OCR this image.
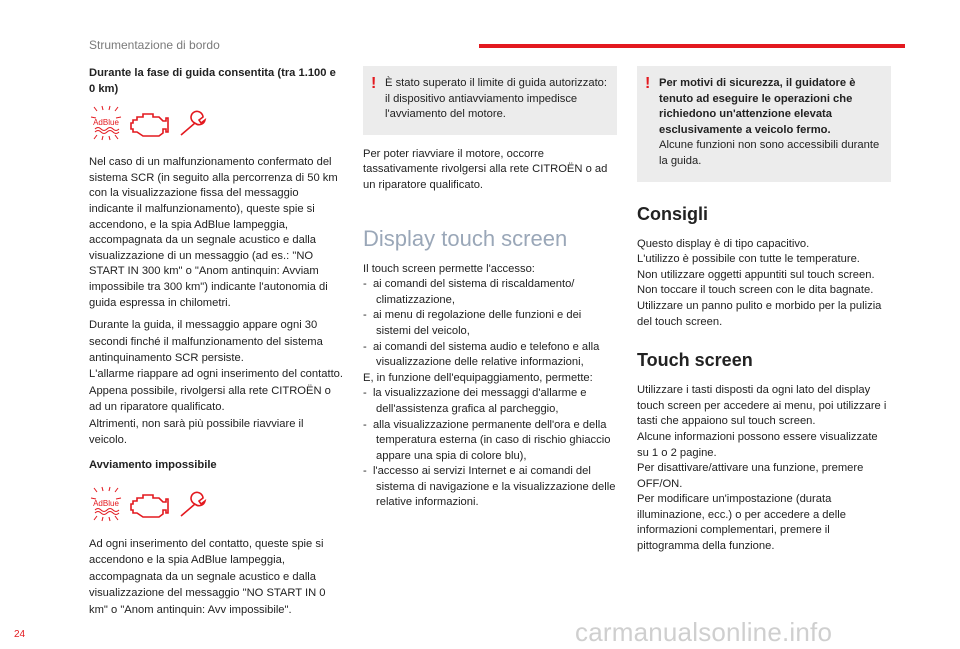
Strumentazione di bordo

Durante la fase di guida consentita (tra 1.100 e 0 km)

AdBlue

Nel caso di un malfunzionamento confermato del sistema SCR (in seguito alla percorrenza di 50 km con la visualizzazione fissa del messaggio indicante il malfunzionamento), queste spie si accendono, e la spia AdBlue lampeggia, accompagnata da un segnale acustico e dalla visualizzazione di un messaggio (ad es.: "NO START IN 300 km" o "Anom antinquin: Avviam impossibile tra 300 km") indicante l'autonomia di guida espressa in chilometri.

Durante la guida, il messaggio appare ogni 30 secondi finché il malfunzionamento del sistema antinquinamento SCR persiste.

L'allarme riappare ad ogni inserimento del contatto.

Appena possibile, rivolgersi alla rete CITROËN o ad un riparatore qualificato.

Altrimenti, non sarà più possibile riavviare il veicolo.

Avviamento impossibile

AdBlue

Ad ogni inserimento del contatto, queste spie si accendono e la spia AdBlue lampeggia, accompagnata da un segnale acustico e dalla visualizzazione del messaggio "NO START IN 0 km" o "Anom antinquin: Avv impossibile".

! È stato superato il limite di guida autorizzato: il dispositivo antiavviamento impedisce l'avviamento del motore.

Per poter riavviare il motore, occorre tassativamente rivolgersi alla rete CITROËN o ad un riparatore qualificato.

Display touch screen

Il touch screen permette l'accesso:

-  ai comandi del sistema di riscaldamento/ climatizzazione,

-  ai menu di regolazione delle funzioni e dei sistemi del veicolo,

-  ai comandi del sistema audio e telefono e alla visualizzazione delle relative informazioni,

E, in funzione dell'equipaggiamento, permette:

-  la visualizzazione dei messaggi d'allarme e dell'assistenza grafica al parcheggio,

-  alla visualizzazione permanente dell'ora e della temperatura esterna (in caso di rischio ghiaccio appare una spia di colore blu),

-  l'accesso ai servizi Internet e ai comandi del sistema di navigazione e la visualizzazione delle relative informazioni.

! Per motivi di sicurezza, il guidatore è tenuto ad eseguire le operazioni che richiedono un'attenzione elevata esclusivamente a veicolo fermo.

Alcune funzioni non sono accessibili durante la guida.

Consigli

Questo display è di tipo capacitivo.

L'utilizzo è possibile con tutte le temperature.

Non utilizzare oggetti appuntiti sul touch screen.

Non toccare il touch screen con le dita bagnate.

Utilizzare un panno pulito e morbido per la pulizia del touch screen.

Touch screen

Utilizzare i tasti disposti da ogni lato del display touch screen per accedere ai menu, poi utilizzare i tasti che appaiono sul touch screen.

Alcune informazioni possono essere visualizzate su 1 o 2 pagine.

Per disattivare/attivare una funzione, premere OFF/ON.

Per modificare un'impostazione (durata illuminazione, ecc.) o per accedere a delle informazioni complementari, premere il pittogramma della funzione.

24	carmanualsonline.info
